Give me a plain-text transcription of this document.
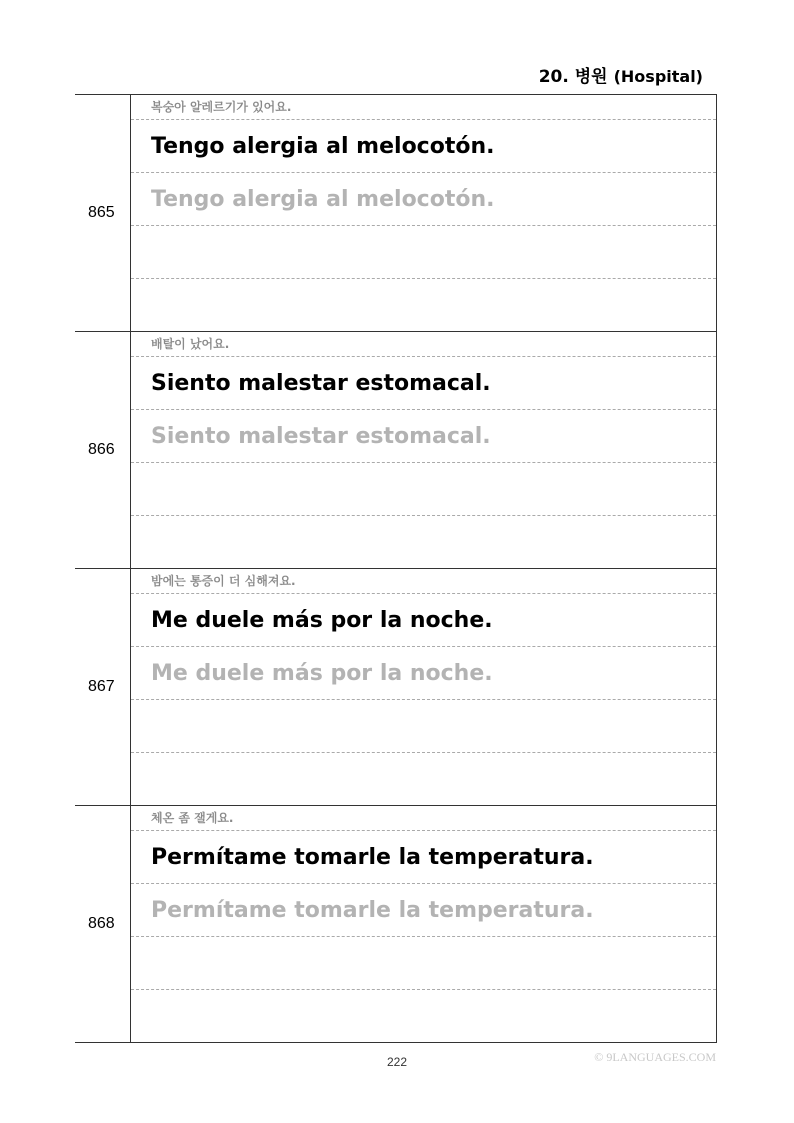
20. 병원 (Hospital)
865
복숭아 알레르기가 있어요.
Tengo alergia al melocotón.
Tengo alergia al melocotón.
866
배탈이 났어요.
Siento malestar estomacal.
Siento malestar estomacal.
867
밤에는 통증이 더 심해져요.
Me duele más por la noche.
Me duele más por la noche.
868
체온 좀 잴게요.
Permítame tomarle la temperatura.
Permítame tomarle la temperatura.
222	© 9LANGUAGES.COM
